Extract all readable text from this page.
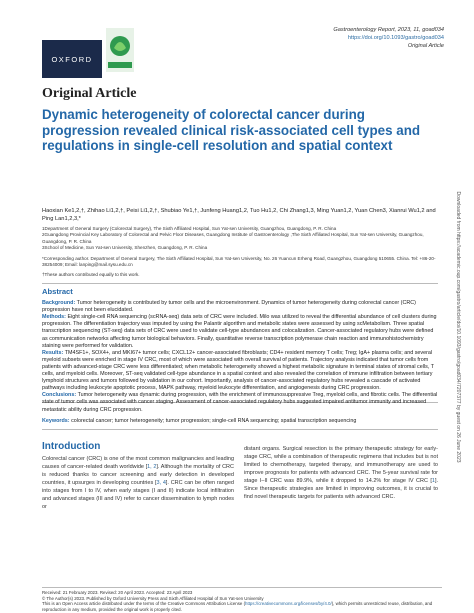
OXFORD
Gastroenterology Report, 2023, 11, goad034
https://doi.org/10.1093/gastro/goad034
Original Article
Original Article
Dynamic heterogeneity of colorectal cancer during progression revealed clinical risk-associated cell types and regulations in single-cell resolution and spatial context
Haoxian Ke1,2,†, Zhihao Li1,2,†, Peisi Li1,2,†, Shubiao Ye1,†, Junfeng Huang1,2, Tuo Hu1,2, Chi Zhang1,3, Ming Yuan1,2, Yuan Chen3, Xianrui Wu1,2 and Ping Lan1,2,3,*
1Department of General Surgery (Colorectal Surgery), The Sixth Affiliated Hospital, Sun Yat-sen University, Guangzhou, Guangdong, P. R. China
2Guangdong Provincial Key Laboratory of Colorectal and Pelvic Floor Diseases, Guangdong Institute of Gastroenterology ,The Sixth Affiliated Hospital, Sun Yat-sen University, Guangzhou, Guangdong, P. R. China
3School of Medicine, Sun Yat-sen University, Shenzhen, Guangdong, P. R. China
*Corresponding author. Department of General Surgery, The Sixth Affiliated Hospital, Sun Yat-sen University, No. 26 Yuancun Erheng Road, Guangzhou, Guangdong 510655. China. Tel: +86-20-38254009; Email: lanping@mail.sysu.edu.cn
†These authors contributed equally to this work.
Abstract

Background: Tumor heterogeneity is contributed by tumor cells and the microenvironment. Dynamics of tumor heterogeneity during colorectal cancer (CRC) progression have not been elucidated.

Methods: Eight single-cell RNA sequencing (scRNA-seq) data sets of CRC were included. Milo was utilized to reveal the differential abundance of cell clusters during progression. The differentiation trajectory was imputed by using the Palantir algorithm and metabolic states were assessed by using scMetabolism. Three spatial transcription sequencing (ST-seq) data sets of CRC were used to validate cell-type abundances and colocalization. Cancer-associated regulatory hubs were defined as communication networks affecting tumor biological behaviors. Finally, quantitative reverse transcription polymerase chain reaction and immunohistochemistry staining were performed for validation.

Results: TM4SF1+, SOX4+, and MKI67+ tumor cells; CXCL12+ cancer-associated fibroblasts; CD4+ resident memory T cells; Treg; IgA+ plasma cells; and several myeloid subsets were enriched in stage IV CRC, most of which were associated with overall survival of patients. Trajectory analysis indicated that tumor cells from patients with advanced-stage CRC were less differentiated; when metabolic heterogeneity showed a highest metabolic signature in terminal states of stromal cells, T cells, and myeloid cells. Moreover, ST-seq validated cell-type abundance in a spatial context and also revealed the correlation of immune infiltration between tertiary lymphoid structures and tumors followed by validation in our cohort. Importantly, analysis of cancer-associated regulatory hubs revealed a cascade of activated pathways including leukocyte apoptotic process, MAPK pathway, myeloid leukocyte differentiation, and angiogenesis during CRC progression.

Conclusions: Tumor heterogeneity was dynamic during progression, with the enrichment of immunosuppressive Treg, myeloid cells, and fibrotic cells. The differential state of tumor cells was associated with cancer staging. Assessment of cancer-associated regulatory hubs suggested impaired antitumor immunity and increased metastatic ability during CRC progression.

Keywords: colorectal cancer; tumor heterogeneity; tumor progression; single-cell RNA sequencing; spatial transcription sequencing
Introduction
Colorectal cancer (CRC) is one of the most common malignancies and leading causes of cancer-related death worldwide [1, 2]. Although the mortality of CRC is reduced thanks to cancer screening and early detection in developed countries, it upsurges in developing countries [3, 4]. CRC can be often ranged into stages from I to IV, when early stages (I and II) indicate local infiltration and advanced stages (III and IV) refer to cancer dissemination to lymph nodes or
distant organs. Surgical resection is the primary therapeutic strategy for early-stage CRC, while a combination of therapeutic regimens that includes but is not limited to chemotherapy, targeted therapy, and immunotherapy are used to improve prognosis for patients with advanced CRC. The 5-year survival rate for stage I–II CRC was 89.9%, while it dropped to 14.2% for stage IV CRC [1]. Since therapeutic strategies are limited in improving outcomes, it is crucial to find novel therapeutic targets for patients with advanced CRC.
Received: 21 February 2023. Revised: 20 April 2023. Accepted: 23 April 2023
© The Author(s) 2023. Published by Oxford University Press and Sixth Affiliated Hospital of Sun Yat-sen University
This is an Open Access article distributed under the terms of the Creative Commons Attribution License (https://creativecommons.org/licenses/by/4.0/), which permits unrestricted reuse, distribution, and reproduction in any medium, provided the original work is properly cited.
Downloaded from https://academic.oup.com/gastro/article/doi/10.1093/gastro/goad034/7207377 by guest on 26 June 2023
